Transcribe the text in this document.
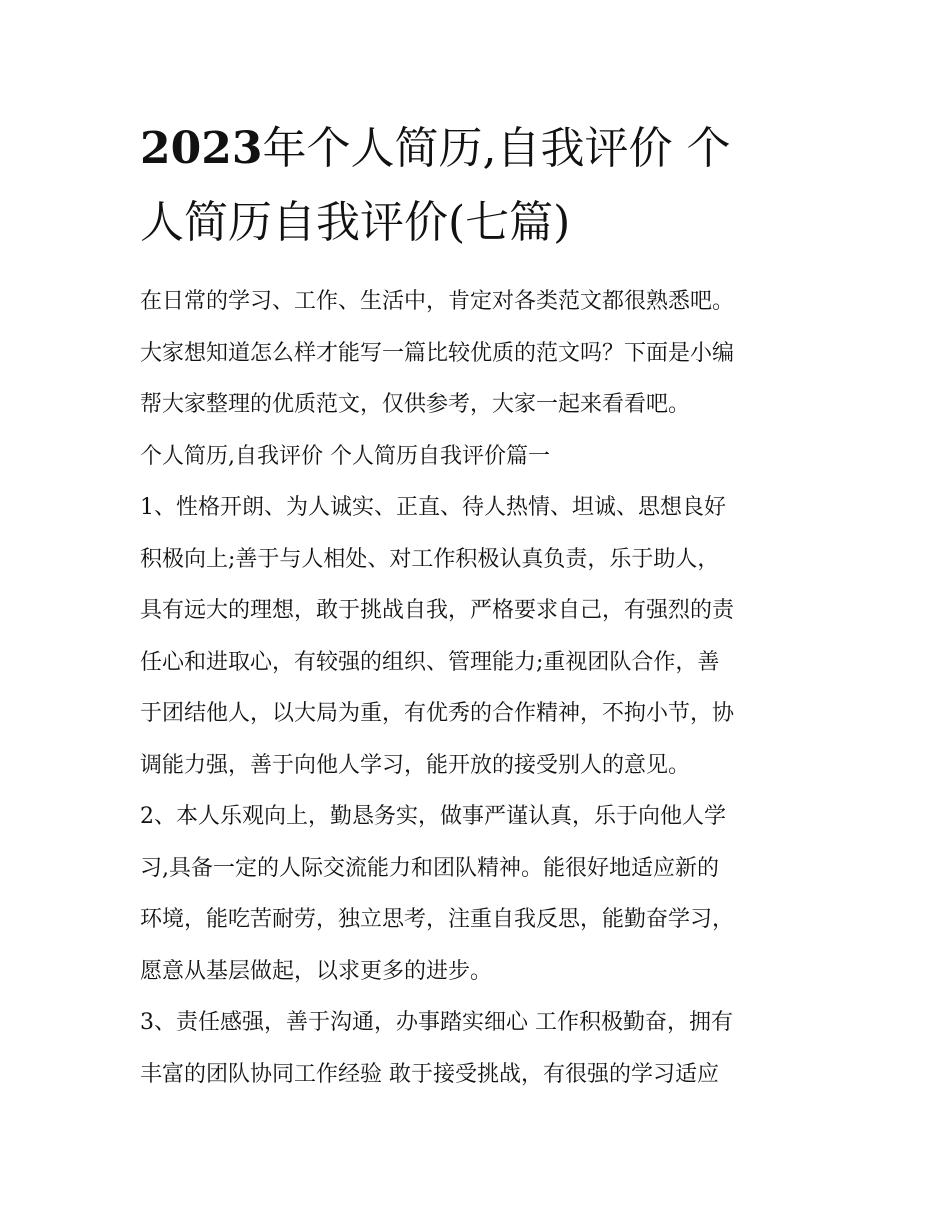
2023年个人简历,自我评价 个
人简历自我评价(七篇)
在日常的学习、工作、生活中，肯定对各类范文都很熟悉吧。
大家想知道怎么样才能写一篇比较优质的范文吗？下面是小编
帮大家整理的优质范文，仅供参考，大家一起来看看吧。
个人简历,自我评价 个人简历自我评价篇一
1、性格开朗、为人诚实、正直、待人热情、坦诚、思想良好
积极向上;善于与人相处、对工作积极认真负责，乐于助人，
具有远大的理想，敢于挑战自我，严格要求自己，有强烈的责
任心和进取心，有较强的组织、管理能力;重视团队合作，善
于团结他人，以大局为重，有优秀的合作精神，不拘小节，协
调能力强，善于向他人学习，能开放的接受别人的意见。
2、本人乐观向上，勤恳务实，做事严谨认真，乐于向他人学
习,具备一定的人际交流能力和团队精神。能很好地适应新的
环境，能吃苦耐劳，独立思考，注重自我反思，能勤奋学习，
愿意从基层做起，以求更多的进步。
3、责任感强，善于沟通，办事踏实细心 工作积极勤奋，拥有
丰富的团队协同工作经验 敢于接受挑战，有很强的学习适应
